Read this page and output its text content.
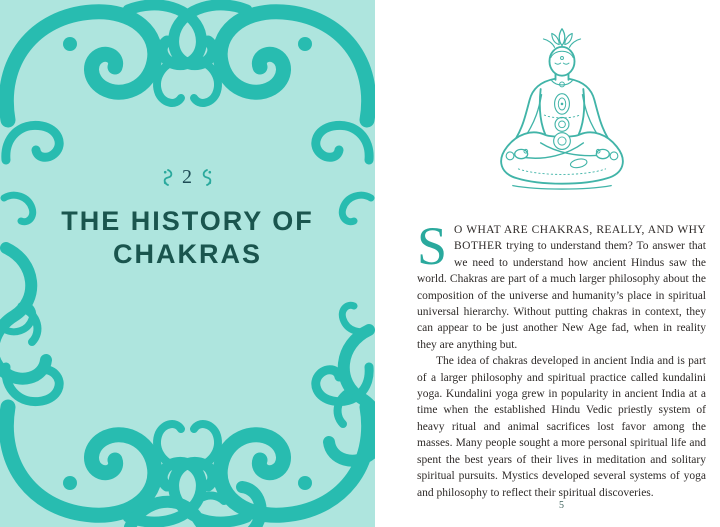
2
THE HISTORY OF CHAKRAS	S O WHAT ARE CHAKRAS, REALLY, AND WHY BOTHER trying to understand them? To answer that we need to understand how ancient Hindus saw the world. Chakras are part of a much larger philosophy about the composition of the universe and humanity’s place in spiritual universal hierarchy. Without putting chakras in context, they can appear to be just another New Age fad, when in reality they are anything but.

The idea of chakras developed in ancient India and is part of a larger philosophy and spiritual practice called kundalini yoga. Kundalini yoga grew in popularity in ancient India at a time when the established Hindu Vedic priestly system of heavy ritual and animal sacrifices lost favor among the masses. Many people sought a more personal spiritual life and spent the best years of their lives in meditation and solitary spiritual pursuits. Mystics developed several systems of yoga and philosophy to reflect their spiritual discoveries.

5
